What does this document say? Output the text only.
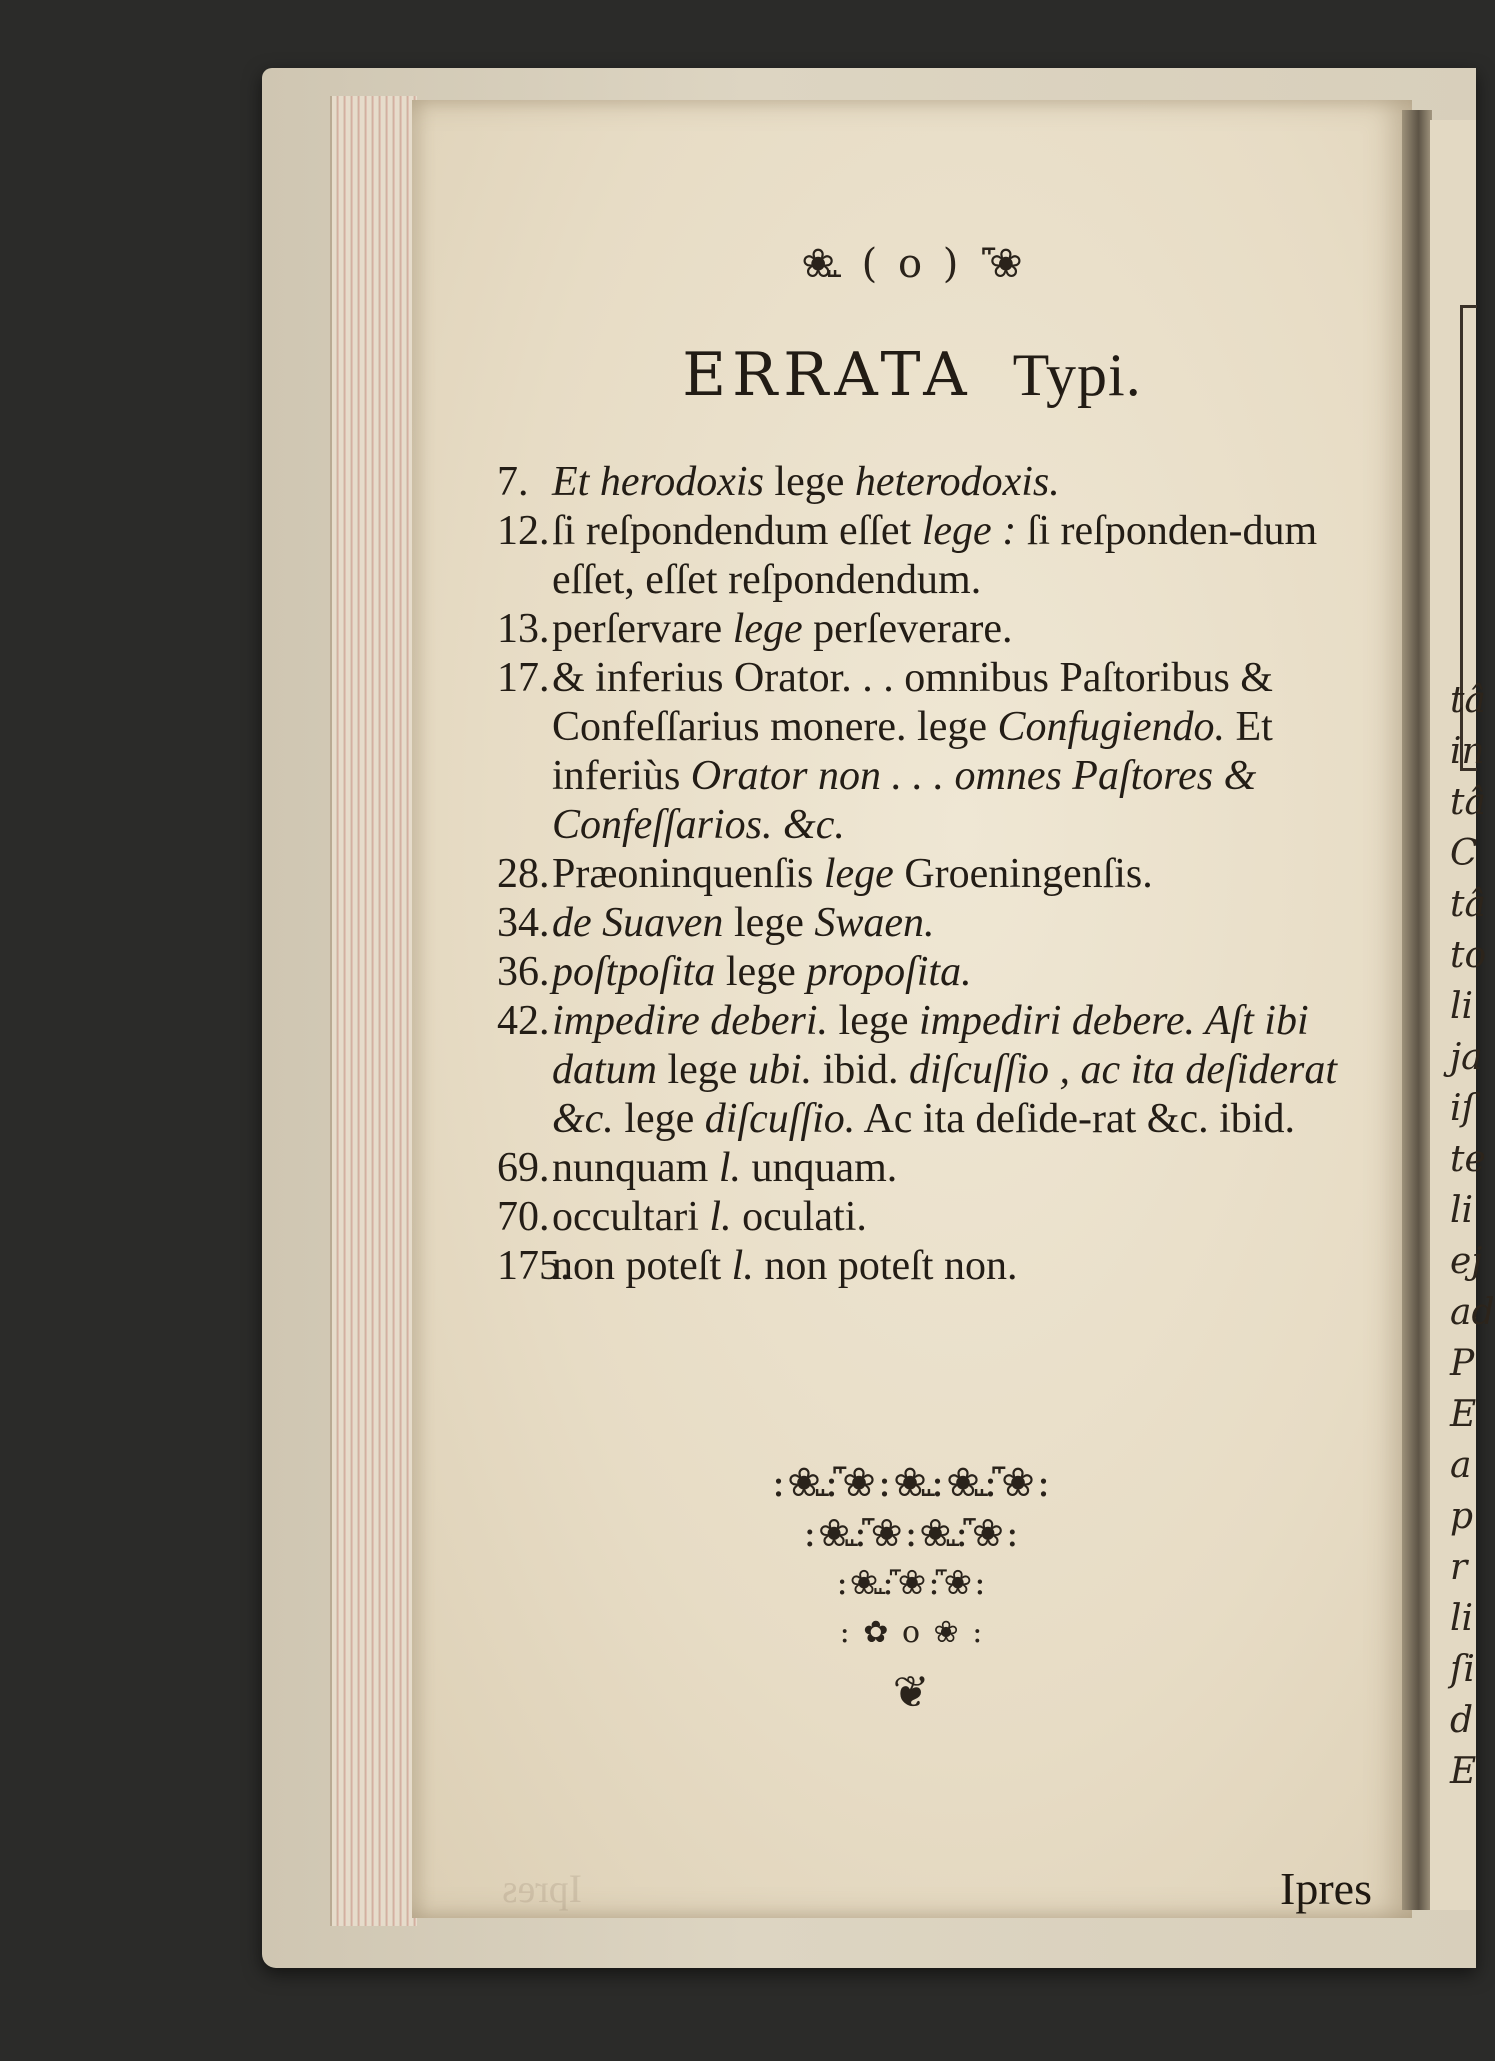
❀꜡ ( o ) ꜠❀
ERRATA Typi.
7. Et herodoxis lege heterodoxis.
12.ſi reſpondendum eſſet lege : ſi reſponden-dum eſſet, eſſet reſpondendum.
13.perſervare lege perſeverare.
17.& inferius Orator. . . omnibus Paſtoribus & Confeſſarius monere. lege Confugiendo. Et inferiùs Orator non . . . omnes Paſtores & Confeſſarios. &c.
28.Præoninquenſis lege Groeningenſis.
34.de Suaven lege Swaen.
36.poſtpoſita lege propoſita.
42.impedire deberi. lege impediri debere. Aſt ibi datum lege ubi. ibid. diſcuſſio , ac ita deſiderat &c. lege diſcuſſio. Ac ita deſide-rat &c. ibid.
69.nunquam l. unquam.
70.occultari l. oculati.
175.non poteſt l. non poteſt non.
:❀꜡:꜠❀:❀꜡:❀꜡:꜠❀:
:❀꜡:꜠❀:❀꜡:꜠❀:
:❀꜡:꜠❀:꜠❀:
: ✿ o ❀ :
❦
Ipres	Ipres
tâ
in
tâ
C
tâ
to
li
ja
iſ
te
li
ej
ad
P
E
a
p
r
li
ſi
d
E
